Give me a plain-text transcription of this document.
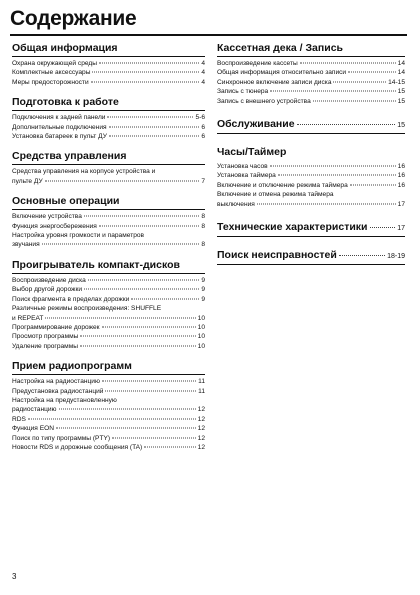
Содержание
Общая информация
Охрана окружающей среды	4
Комплектные аксессуары	4
Меры предосторожности	4
Подготовка к работе
Подключения к задней панели	5-6
Дополнительные подключения	6
Установка батареек в пульт ДУ	6
Средства управления
Средства управления на корпусе устройства и
пульте ДУ	7
Основные операции
Включение устройства	8
Функция энергосбережения	8
Настройка уровня громкости и параметров
звучания	8
Проигрыватель компакт-дисков
Воспроизведение диска	9
Выбор другой дорожки	9
Поиск фрагмента в пределах дорожки	9
Различные режимы воспроизведения: SHUFFLE
и REPEAT	10
Программирование дорожек	10
Просмотр программы	10
Удаление программы	10
Прием радиопрограмм
Настройка на радиостанцию	11
Предустановка радиостанций	11
Настройка на предустановленную
радиостанцию	12
RDS	12
Функция EON	12
Поиск по типу программы (PTY)	12
Новости RDS и дорожные сообщения (TA)	12
Кассетная дека / Запись
Воспроизведение кассеты	14
Общая информация относительно записи	14
Синхронное включение записи диска	14-15
Запись с тюнера	15
Запись с внешнего устройства	15
Обслуживание	15
Часы/Таймер
Установка часов	16
Установка таймера	16
Включение и отключение режима таймера	16
Включение и отмена режима таймера
выключения	17
Технические характеристики	17
Поиск неисправностей	18-19
3
